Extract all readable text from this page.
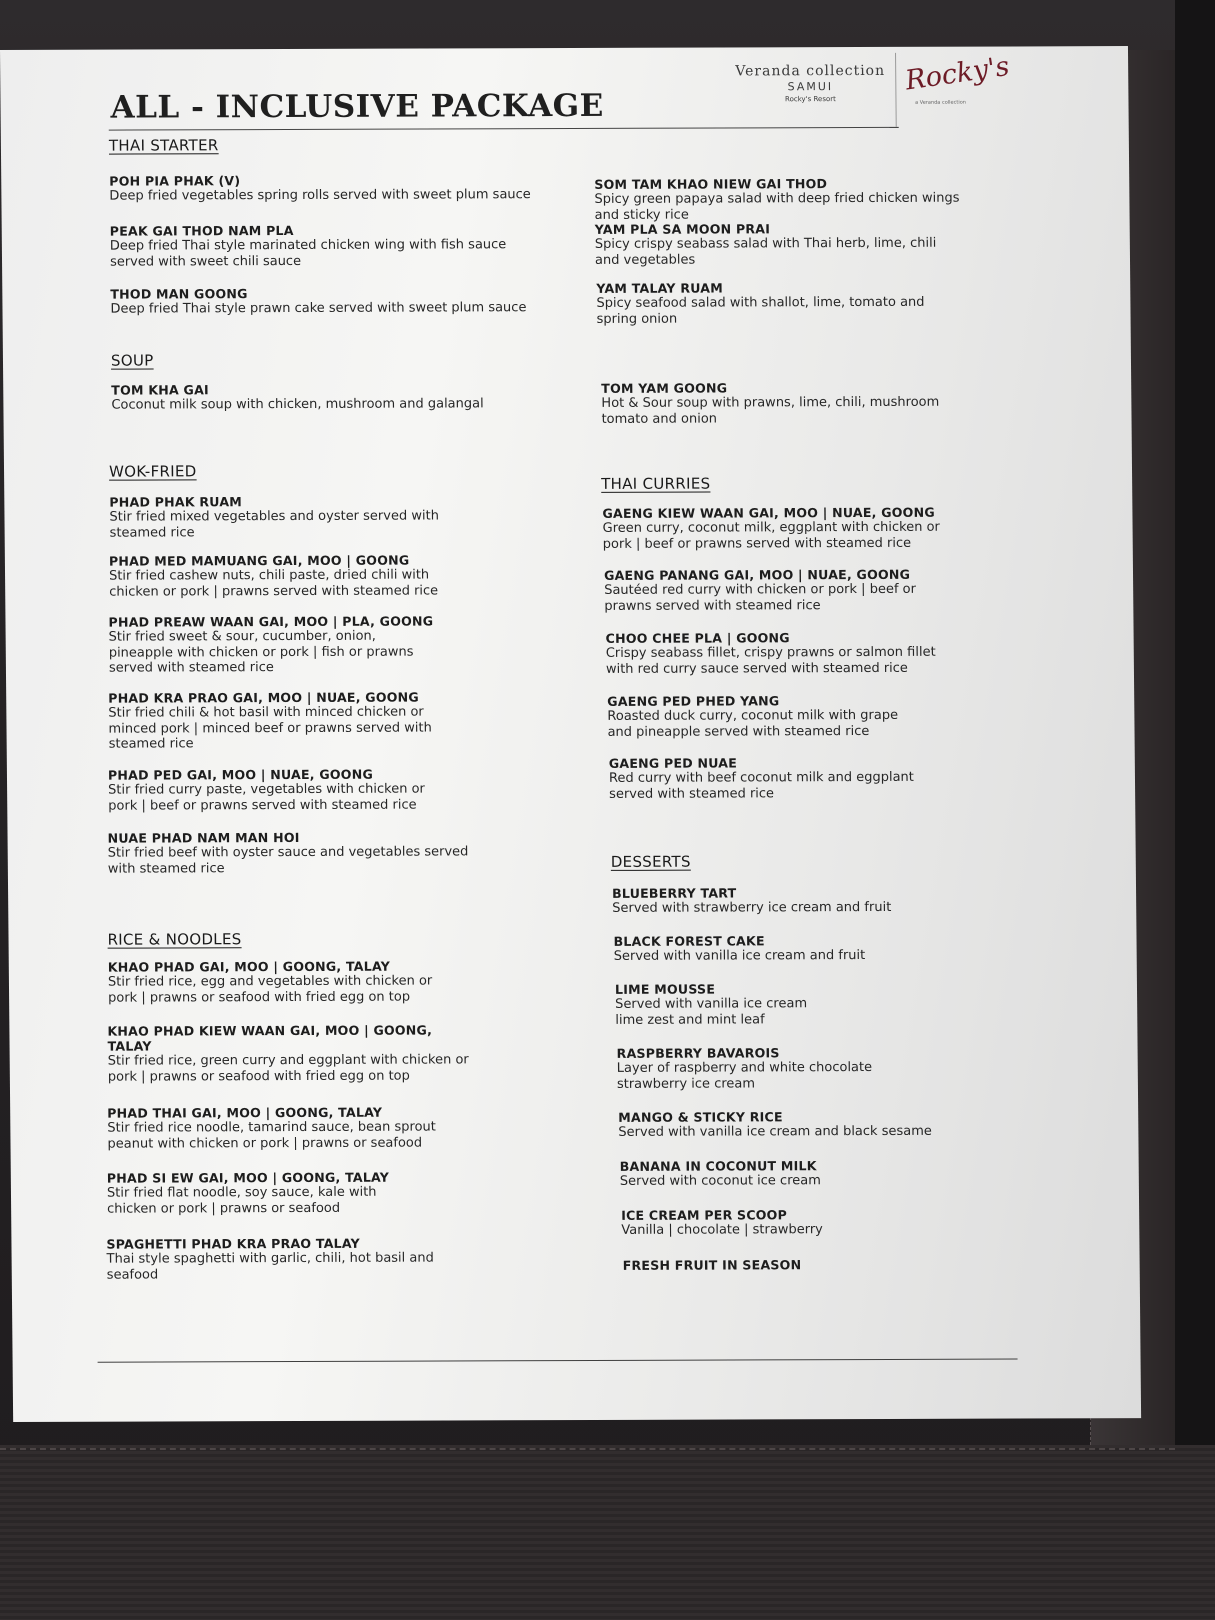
ALL - INCLUSIVE PACKAGE
Veranda collection
SAMUI
Rocky's Resort
Rocky's
a Veranda collection
THAI STARTER
POH PIA PHAK (V)
Deep fried vegetables spring rolls served with sweet plum sauce
PEAK GAI THOD NAM PLA
Deep fried Thai style marinated chicken wing with fish sauce served with sweet chili sauce
THOD MAN GOONG
Deep fried Thai style prawn cake served with sweet plum sauce
SOUP
TOM KHA GAI
Coconut milk soup with chicken, mushroom and galangal
WOK-FRIED
PHAD PHAK RUAM
Stir fried mixed vegetables and oyster served with steamed rice
PHAD MED MAMUANG GAI, MOO | GOONG
Stir fried cashew nuts, chili paste, dried chili with chicken or pork | prawns served with steamed rice
PHAD PREAW WAAN GAI, MOO | PLA, GOONG
Stir fried sweet & sour, cucumber, onion, pineapple with chicken or pork | fish or prawns served with steamed rice
PHAD KRA PRAO GAI, MOO | NUAE, GOONG
Stir fried chili & hot basil with minced chicken or minced pork | minced beef or prawns served with steamed rice
PHAD PED GAI, MOO | NUAE, GOONG
Stir fried curry paste, vegetables with chicken or pork | beef or prawns served with steamed rice
NUAE PHAD NAM MAN HOI
Stir fried beef with oyster sauce and vegetables served with steamed rice
RICE & NOODLES
KHAO PHAD GAI, MOO | GOONG, TALAY
Stir fried rice, egg and vegetables with chicken or pork | prawns or seafood with fried egg on top
KHAO PHAD KIEW WAAN GAI, MOO | GOONG, TALAY
Stir fried rice, green curry and eggplant with chicken or pork | prawns or seafood with fried egg on top
PHAD THAI GAI, MOO | GOONG, TALAY
Stir fried rice noodle, tamarind sauce, bean sprout peanut with chicken or pork | prawns or seafood
PHAD SI EW GAI, MOO | GOONG, TALAY
Stir fried flat noodle, soy sauce, kale with chicken or pork | prawns or seafood
SPAGHETTI PHAD KRA PRAO TALAY
Thai style spaghetti with garlic, chili, hot basil and seafood
SOM TAM KHAO NIEW GAI THOD
Spicy green papaya salad with deep fried chicken wings and sticky rice
YAM PLA SA MOON PRAI
Spicy crispy seabass salad with Thai herb, lime, chili and vegetables
YAM TALAY RUAM
Spicy seafood salad with shallot, lime, tomato and spring onion
TOM YAM GOONG
Hot & Sour soup with prawns, lime, chili, mushroom tomato and onion
THAI CURRIES
GAENG KIEW WAAN GAI, MOO | NUAE, GOONG
Green curry, coconut milk, eggplant with chicken or pork | beef or prawns served with steamed rice
GAENG PANANG GAI, MOO | NUAE, GOONG
Sautéed red curry with chicken or pork | beef or prawns served with steamed rice
CHOO CHEE PLA | GOONG
Crispy seabass fillet, crispy prawns or salmon fillet with red curry sauce served with steamed rice
GAENG PED PHED YANG
Roasted duck curry, coconut milk with grape and pineapple served with steamed rice
GAENG PED NUAE
Red curry with beef coconut milk and eggplant served with steamed rice
DESSERTS
BLUEBERRY TART
Served with strawberry ice cream and fruit
BLACK FOREST CAKE
Served with vanilla ice cream and fruit
LIME MOUSSE
Served with vanilla ice cream lime zest and mint leaf
RASPBERRY BAVAROIS
Layer of raspberry and white chocolate strawberry ice cream
MANGO & STICKY RICE
Served with vanilla ice cream and black sesame
BANANA IN COCONUT MILK
Served with coconut ice cream
ICE CREAM PER SCOOP
Vanilla | chocolate | strawberry
FRESH FRUIT IN SEASON
